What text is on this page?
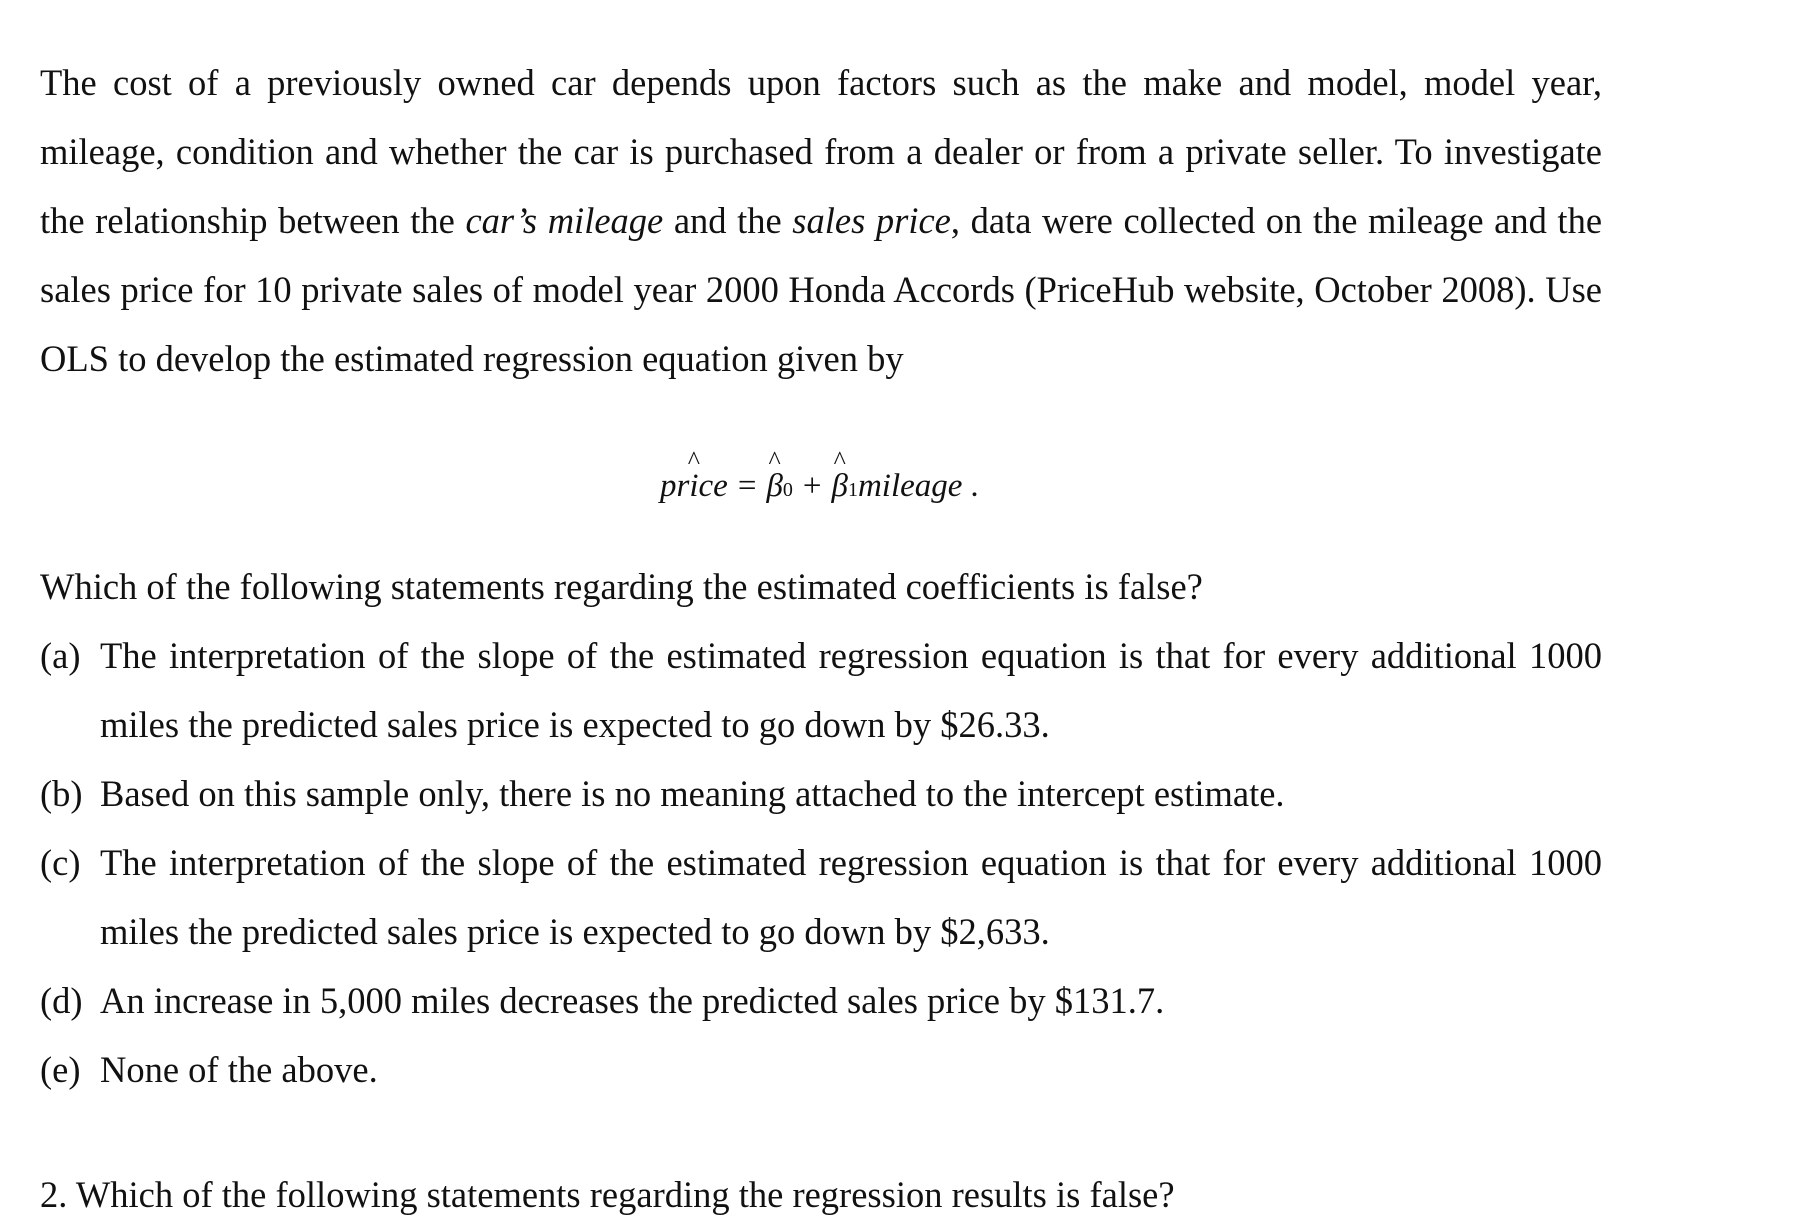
The cost of a previously owned car depends upon factors such as the make and model, model year, mileage, condition and whether the car is purchased from a dealer or from a private seller. To investigate the relationship between the car’s mileage and the sales price, data were collected on the mileage and the sales price for 10 private sales of model year 2000 Honda Accords (PriceHub website, October 2008). Use OLS to develop the estimated regression equation given by

price
^
= β
^
0 + β
^
1 mileage .

Which of the following statements regarding the estimated coefficients is false?

(a) The interpretation of the slope of the estimated regression equation is that for every additional 1000 miles the predicted sales price is expected to go down by $26.33.
(b) Based on this sample only, there is no meaning attached to the intercept estimate.
(c) The interpretation of the slope of the estimated regression equation is that for every additional 1000 miles the predicted sales price is expected to go down by $2,633.
(d) An increase in 5,000 miles decreases the predicted sales price by $131.7.
(e) None of the above.

2. Which of the following statements regarding the regression results is false?
